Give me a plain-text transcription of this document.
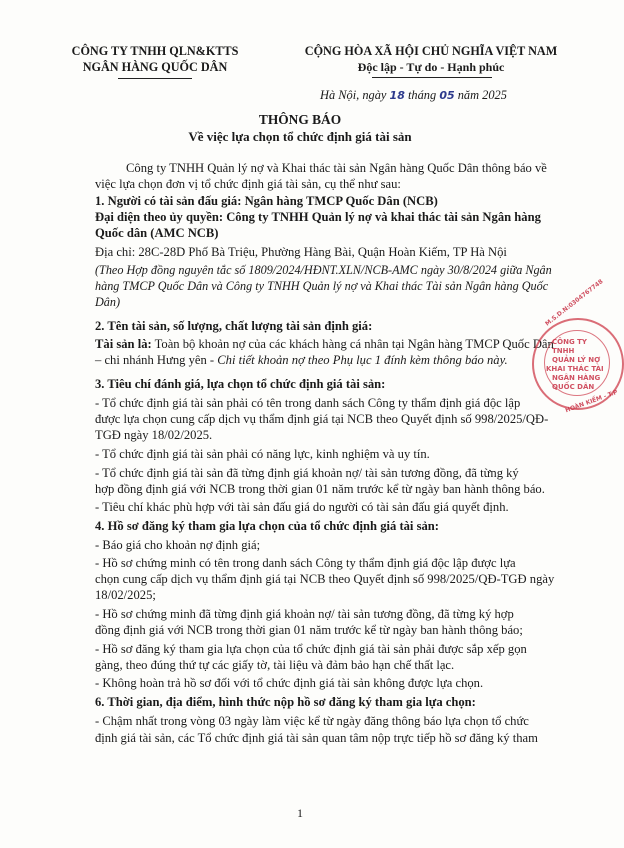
CÔNG TY TNHH QLN&KTTS
NGÂN HÀNG QUỐC DÂN
CỘNG HÒA XÃ HỘI CHỦ NGHĨA VIỆT NAM
Độc lập - Tự do - Hạnh phúc
Hà Nội, ngày 18 tháng 05 năm 2025
THÔNG BÁO
Về việc lựa chọn tổ chức định giá tài sản
Công ty TNHH Quản lý nợ và Khai thác tài sản Ngân hàng Quốc Dân thông báo về
việc lựa chọn đơn vị tổ chức định giá tài sản, cụ thể như sau:
1. Người có tài sản đấu giá: Ngân hàng TMCP Quốc Dân (NCB)
Đại diện theo ủy quyền: Công ty TNHH Quản lý nợ và khai thác tài sản Ngân hàng
Quốc dân (AMC NCB)
Địa chỉ: 28C-28D Phố Bà Triệu, Phường Hàng Bài, Quận Hoàn Kiếm, TP Hà Nội
(Theo Hợp đồng nguyên tắc số 1809/2024/HĐNT.XLN/NCB-AMC ngày 30/8/2024 giữa Ngân
hàng TMCP Quốc Dân và Công ty TNHH Quản lý nợ và Khai thác Tài sản Ngân hàng Quốc
Dân)
2. Tên tài sản, số lượng, chất lượng tài sản định giá:
Tài sản là: Toàn bộ khoản nợ của các khách hàng cá nhân tại Ngân hàng TMCP Quốc Dân
– chi nhánh Hưng yên - Chi tiết khoản nợ theo Phụ lục 1 đính kèm thông báo này.
3. Tiêu chí đánh giá, lựa chọn tổ chức định giá tài sản:
- Tổ chức định giá tài sản phải có tên trong danh sách Công ty thẩm định giá độc lập
được lựa chọn cung cấp dịch vụ thẩm định giá tại NCB theo Quyết định số 998/2025/QĐ-
TGĐ ngày 18/02/2025.
- Tổ chức định giá tài sản phải có năng lực, kinh nghiệm và uy tín.
- Tổ chức định giá tài sản đã từng định giá khoản nợ/ tài sản tương đồng, đã từng ký
hợp đồng định giá với NCB trong thời gian 01 năm trước kể từ ngày ban hành thông báo.
- Tiêu chí khác phù hợp với tài sản đấu giá do người có tài sản đấu giá quyết định.
4. Hồ sơ đăng ký tham gia lựa chọn của tổ chức định giá tài sản:
- Báo giá cho khoản nợ định giá;
- Hồ sơ chứng minh có tên trong danh sách Công ty thẩm định giá độc lập được lựa
chọn cung cấp dịch vụ thẩm định giá tại NCB theo Quyết định số 998/2025/QĐ-TGĐ ngày
18/02/2025;
- Hồ sơ chứng minh đã từng định giá khoản nợ/ tài sản tương đồng, đã từng ký hợp
đồng định giá với NCB trong thời gian 01 năm trước kể từ ngày ban hành thông báo;
- Hồ sơ đăng ký tham gia lựa chọn của tổ chức định giá tài sản phải được sắp xếp gọn
gàng, theo đúng thứ tự các giấy tờ, tài liệu và đảm bảo hạn chế thất lạc.
- Không hoàn trả hồ sơ đối với tổ chức định giá tài sản không được lựa chọn.
6. Thời gian, địa điểm, hình thức nộp hồ sơ đăng ký tham gia lựa chọn:
- Chậm nhất trong vòng 03 ngày làm việc kể từ ngày đăng thông báo lựa chọn tổ chức
định giá tài sản, các Tổ chức định giá tài sản quan tâm nộp trực tiếp hồ sơ đăng ký tham
M.S.D.N:0304767748
CÔNG TY
TNHH
QUẢN LÝ NỢ
KHAI THÁC TÀI
NGÂN HÀNG
QUỐC DÂN
HOÀN KIẾM - T.P
1
